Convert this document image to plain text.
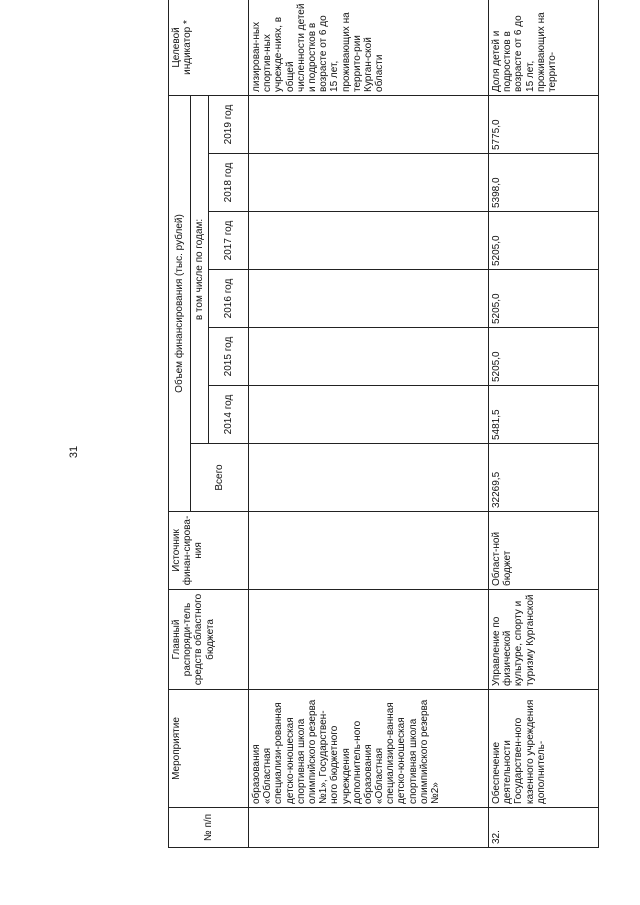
31
№ п/п	Мероприятие	Главный распоряди-тель средств областного бюджета	Источник финан-сирова-ния	Объем финансирования (тыс. рублей)							Целевой индикатор *
				Всего	в том числе по годам:						
					2014 год	2015 год	2016 год	2017 год	2018 год	2019 год	
	образования «Областная специализи-рованная детско-юношеская спортивная школа олимпийского резерва №1», Государствен-ного бюджетного учреждения дополнитель-ного образования «Областная специализиро-ванная детско-юношеская спортивная школа олимпийского резерва №2»										лизирован-ных спортив-ных учрежде-ниях, в общей численности детей и подростков в возрасте от 6 до 15 лет, проживающих на террито-рии Курган-ской области
32.	Обеспечение деятельности Государствен-ного казенного учреждения дополнитель-	Управление по физической культуре, спорту и туризму Курганской	Област-ной бюджет	32269,5	5481,5	5205,0	5205,0	5205,0	5398,0	5775,0	Доля детей и подростков в возрасте от 6 до 15 лет, проживающих на террито-
